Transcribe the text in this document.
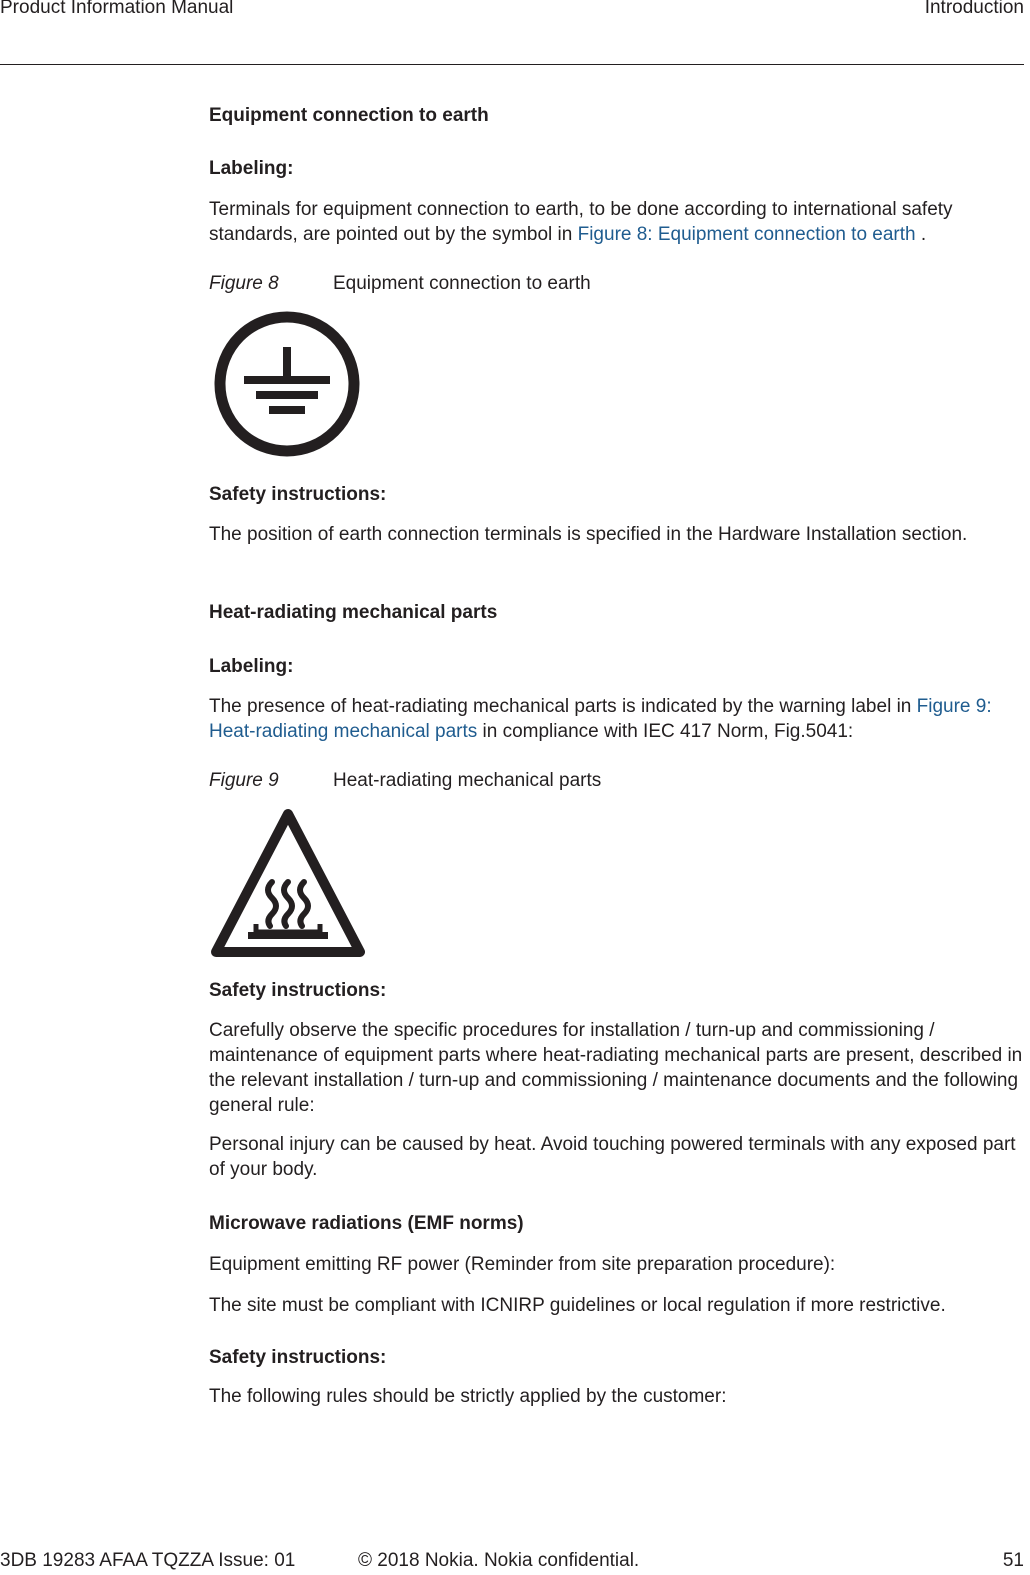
Product Information Manual	Introduction
Equipment connection to earth
Labeling:
Terminals for equipment connection to earth, to be done according to international safety standards, are pointed out by the symbol in Figure 8: Equipment connection to earth .
Figure 8	Equipment connection to earth
Safety instructions:
The position of earth connection terminals is specified in the Hardware Installation section.
Heat-radiating mechanical parts
Labeling:
The presence of heat-radiating mechanical parts is indicated by the warning label in Figure 9: Heat-radiating mechanical parts in compliance with IEC 417 Norm, Fig.5041:
Figure 9	Heat-radiating mechanical parts
Safety instructions:
Carefully observe the specific procedures for installation / turn-up and commissioning / maintenance of equipment parts where heat-radiating mechanical parts are present, described in the relevant installation / turn-up and commissioning / maintenance documents and the following general rule:
Personal injury can be caused by heat. Avoid touching powered terminals with any exposed part of your body.
Microwave radiations (EMF norms)
Equipment emitting RF power (Reminder from site preparation procedure):
The site must be compliant with ICNIRP guidelines or local regulation if more restrictive.
Safety instructions:
The following rules should be strictly applied by the customer:
3DB 19283 AFAA TQZZA Issue: 01	© 2018 Nokia. Nokia confidential.	51
